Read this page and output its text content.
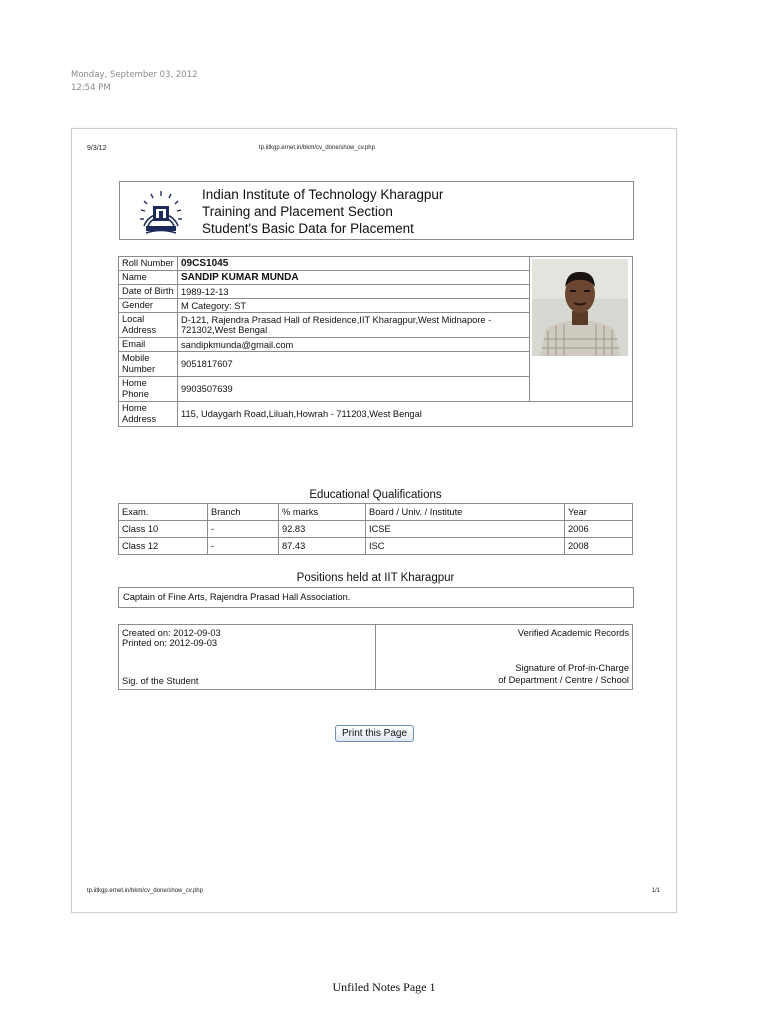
Monday, September 03, 2012
12:54 PM
9/3/12	tp.iitkgp.ernet.in/bkm/cv_done/show_cv.php
Indian Institute of Technology Kharagpur
Training and Placement Section
Student's Basic Data for Placement
Roll Number	09CS1045	

Name	SANDIP KUMAR MUNDA	
Date of Birth	1989-12-13	
Gender	M Category: ST	
Local Address	D-121, Rajendra Prasad Hall of Residence,IIT Kharagpur,West Midnapore - 721302,West Bengal	
Email	sandipkmunda@gmail.com	
Mobile Number	9051817607	
Home Phone	9903507639	
Home Address	115, Udaygarh Road,Liluah,Howrah - 711203,West Bengal	
Educational Qualifications
Exam.	Branch	% marks	Board / Univ. / Institute	Year
Class 10	-	92.83	ICSE	2006
Class 12	-	87.43	ISC	2008
Positions held at IIT Kharagpur
Captain of Fine Arts, Rajendra Prasad Hall Association.
Created on: 2012-09-03
Printed on: 2012-09-03
Sig. of the Student

Verified Academic Records
Signature of Prof-in-Charge
of Department / Centre / School
Print this Page
tp.iitkgp.ernet.in/bkm/cv_done/show_cv.php	1/1
Unfiled Notes Page 1
